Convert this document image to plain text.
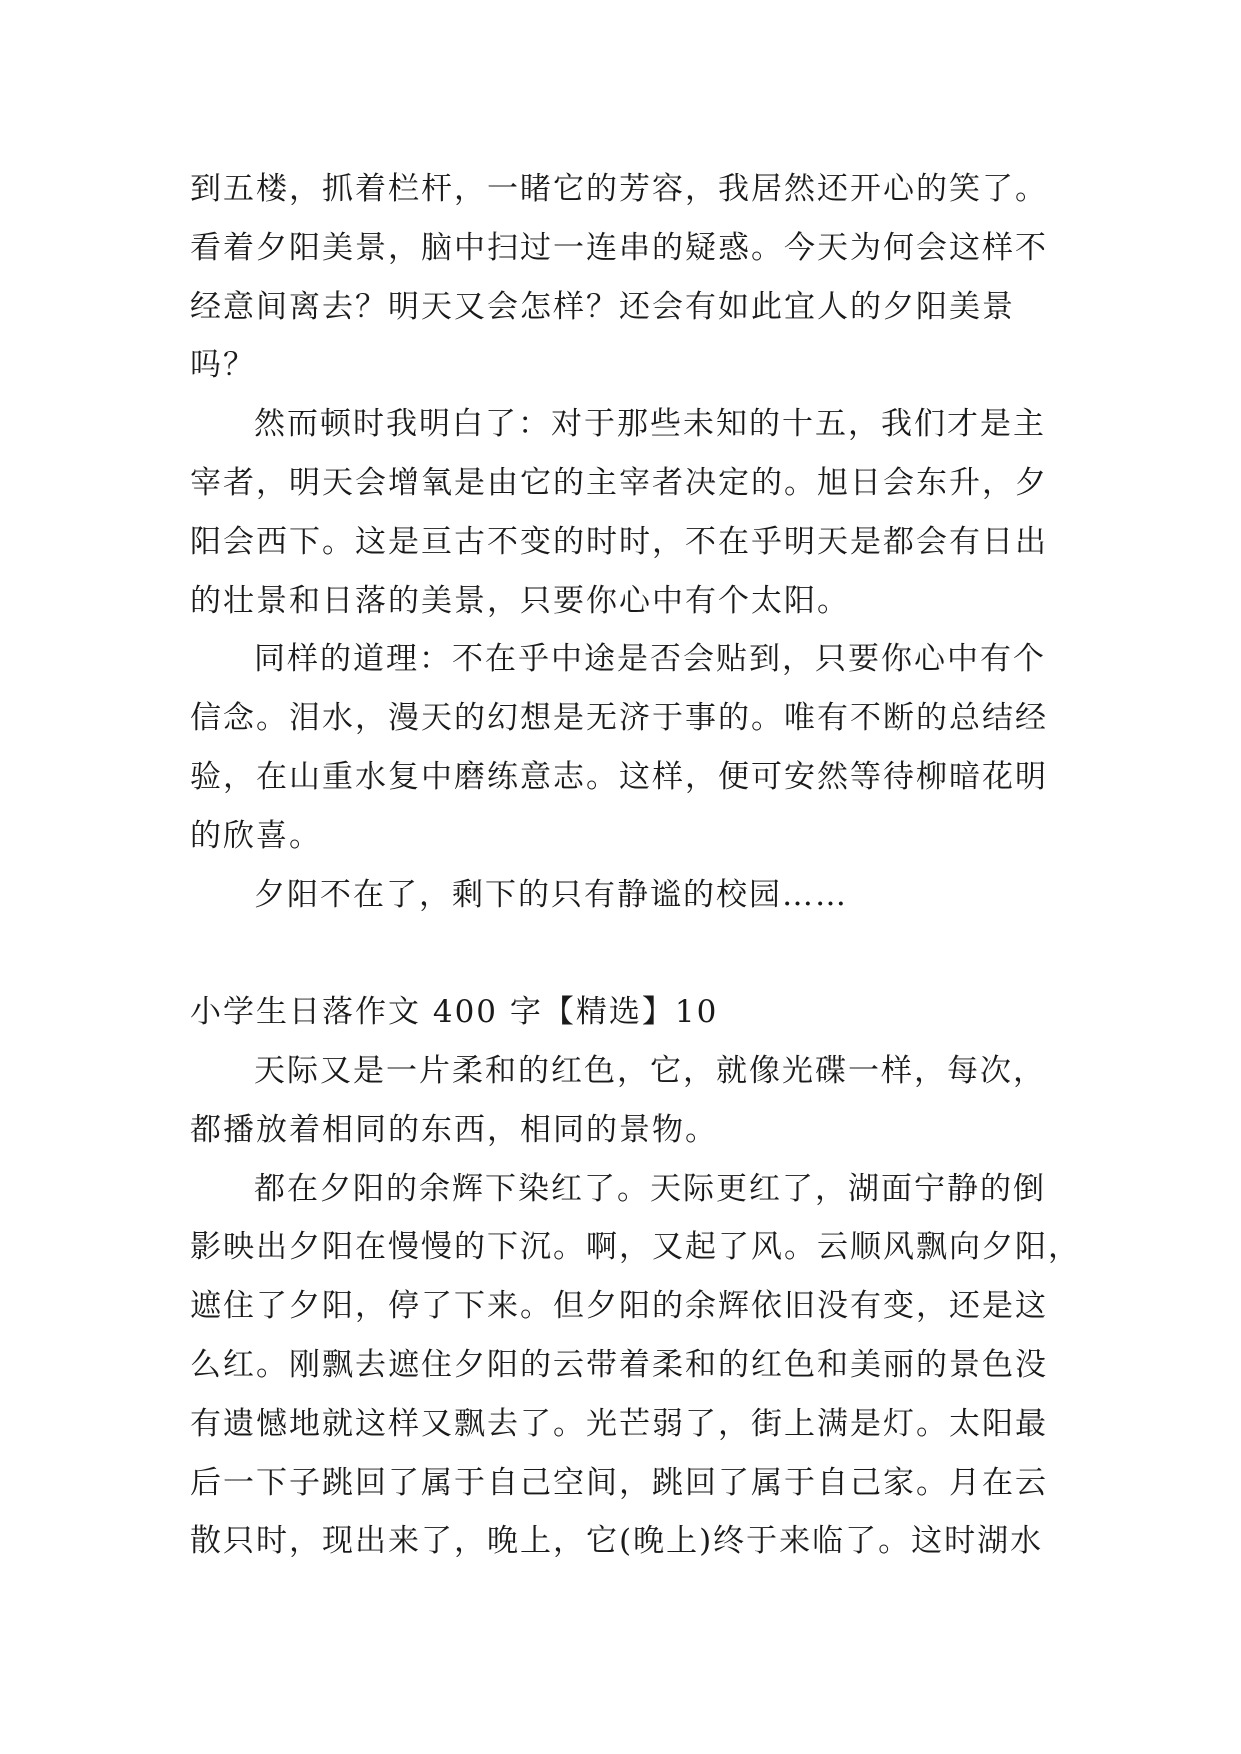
到五楼，抓着栏杆，一睹它的芳容，我居然还开心的笑了。
看着夕阳美景，脑中扫过一连串的疑惑。今天为何会这样不
经意间离去？明天又会怎样？还会有如此宜人的夕阳美景
吗？
然而顿时我明白了：对于那些未知的十五，我们才是主
宰者，明天会增氧是由它的主宰者决定的。旭日会东升，夕
阳会西下。这是亘古不变的时时，不在乎明天是都会有日出
的壮景和日落的美景，只要你心中有个太阳。
同样的道理：不在乎中途是否会贴到，只要你心中有个
信念。泪水，漫天的幻想是无济于事的。唯有不断的总结经
验，在山重水复中磨练意志。这样，便可安然等待柳暗花明
的欣喜。
夕阳不在了，剩下的只有静谧的校园……
小学生日落作文 400 字【精选】10
天际又是一片柔和的红色，它，就像光碟一样，每次，
都播放着相同的东西，相同的景物。
都在夕阳的余辉下染红了。天际更红了，湖面宁静的倒
影映出夕阳在慢慢的下沉。啊，又起了风。云顺风飘向夕阳，
遮住了夕阳，停了下来。但夕阳的余辉依旧没有变，还是这
么红。刚飘去遮住夕阳的云带着柔和的红色和美丽的景色没
有遗憾地就这样又飘去了。光芒弱了，街上满是灯。太阳最
后一下子跳回了属于自己空间，跳回了属于自己家。月在云
散只时，现出来了，晚上，它(晚上)终于来临了。这时湖水
